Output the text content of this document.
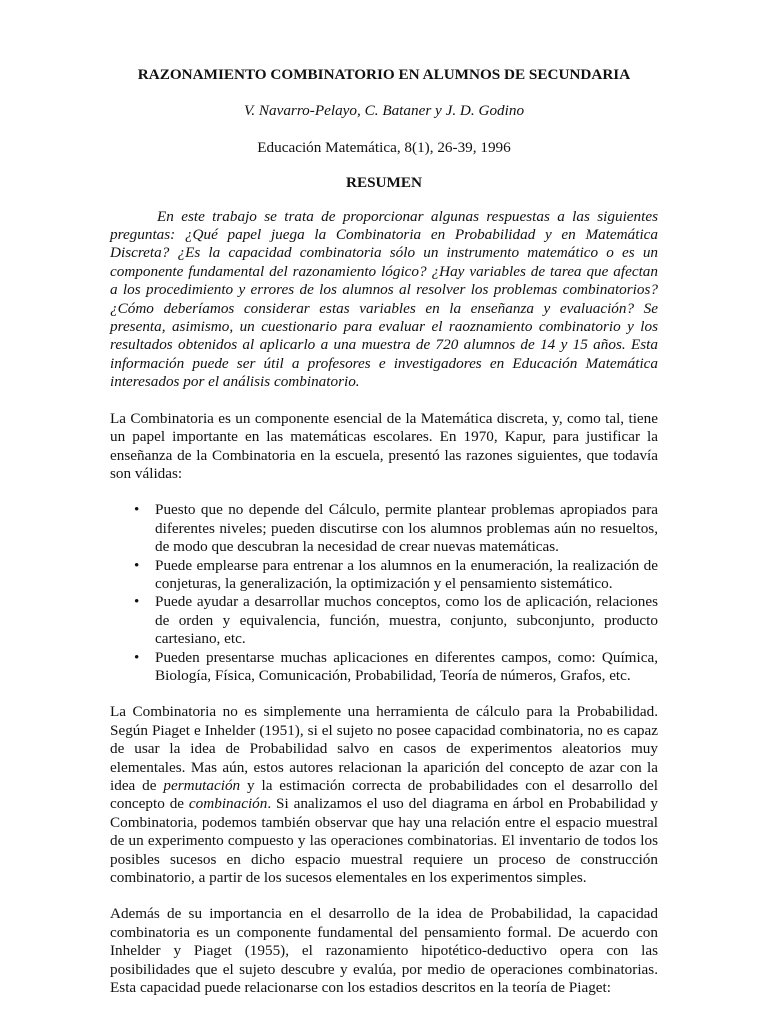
RAZONAMIENTO COMBINATORIO EN ALUMNOS DE SECUNDARIA
V. Navarro-Pelayo, C. Bataner y J. D. Godino
Educación Matemática, 8(1), 26-39, 1996
RESUMEN

En este trabajo se trata de proporcionar algunas respuestas a las siguientes preguntas: ¿Qué papel juega la Combinatoria en Probabilidad y en Matemática Discreta? ¿Es la capacidad combinatoria sólo un instrumento matemático o es un componente fundamental del razonamiento lógico? ¿Hay variables de tarea que afectan a los procedimiento y errores de los alumnos al resolver los problemas combinatorios? ¿Cómo deberíamos considerar estas variables en la enseñanza y evaluación? Se presenta, asimismo, un cuestionario para evaluar el raoznamiento combinatorio y los resultados obtenidos al aplicarlo a una muestra de 720 alumnos de 14 y 15 años. Esta información puede ser útil a profesores e investigadores en Educación Matemática interesados por el análisis combinatorio.

La Combinatoria es un componente esencial de la Matemática discreta, y, como tal, tiene un papel importante en las matemáticas escolares. En 1970, Kapur, para justificar la enseñanza de la Combinatoria en la escuela, presentó las razones siguientes, que todavía son válidas:

• Puesto que no depende del Cálculo, permite plantear problemas apropiados para diferentes niveles; pueden discutirse con los alumnos problemas aún no resueltos, de modo que descubran la necesidad de crear nuevas matemáticas.
• Puede emplearse para entrenar a los alumnos en la enumeración, la realización de conjeturas, la generalización, la optimización y el pensamiento sistemático.
• Puede ayudar a desarrollar muchos conceptos, como los de aplicación, relaciones de orden y equivalencia, función, muestra, conjunto, subconjunto, producto cartesiano, etc.
• Pueden presentarse muchas aplicaciones en diferentes campos, como: Química, Biología, Física, Comunicación, Probabilidad, Teoría de números, Grafos, etc.

La Combinatoria no es simplemente una herramienta de cálculo para la Probabilidad. Según Piaget e Inhelder (1951), si el sujeto no posee capacidad combinatoria, no es capaz de usar la idea de Probabilidad salvo en casos de experimentos aleatorios muy elementales. Mas aún, estos autores relacionan la aparición del concepto de azar con la idea de permutación y la estimación correcta de probabilidades con el desarrollo del concepto de combinación. Si analizamos el uso del diagrama en árbol en Probabilidad y Combinatoria, podemos también observar que hay una relación entre el espacio muestral de un experimento compuesto y las operaciones combinatorias. El inventario de todos los posibles sucesos en dicho espacio muestral requiere un proceso de construcción combinatorio, a partir de los sucesos elementales en los experimentos simples.

Además de su importancia en el desarrollo de la idea de Probabilidad, la capacidad combinatoria es un componente fundamental del pensamiento formal. De acuerdo con Inhelder y Piaget (1955), el razonamiento hipotético-deductivo opera con las posibilidades que el sujeto descubre y evalúa, por medio de operaciones combinatorias. Esta capacidad puede relacionarse con los estadios descritos en la teoría de Piaget:
